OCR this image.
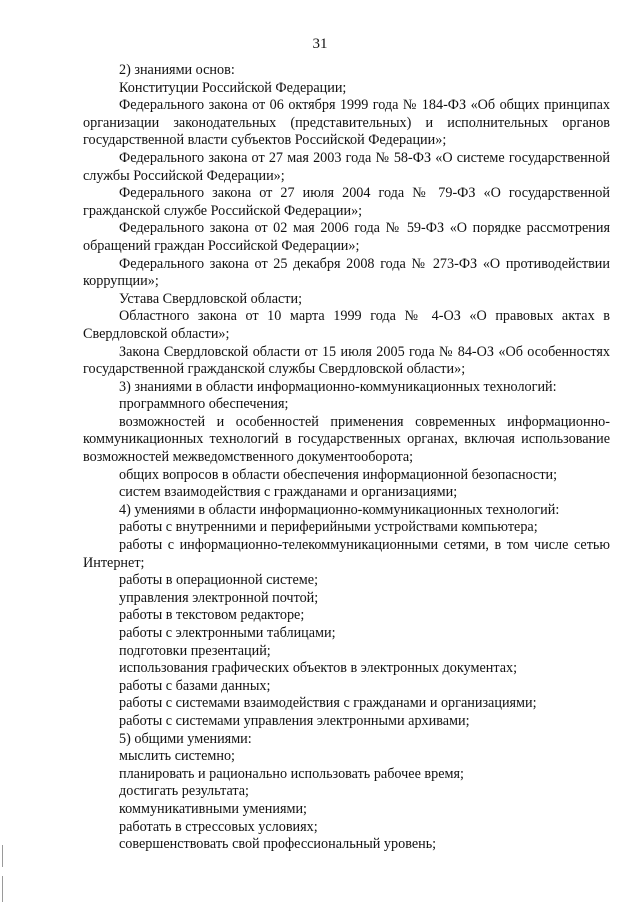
31

2) знаниями основ:

Конституции Российской Федерации;

Федерального закона от 06 октября 1999 года № 184-ФЗ «Об общих принципах организации законодательных (представительных) и исполнительных органов государственной власти субъектов Российской Федерации»;

Федерального закона от 27 мая 2003 года № 58-ФЗ «О системе государственной службы Российской Федерации»;

Федерального закона от 27 июля 2004 года № 79-ФЗ «О государственной гражданской службе Российской Федерации»;

Федерального закона от 02 мая 2006 года № 59-ФЗ «О порядке рассмотрения обращений граждан Российской Федерации»;

Федерального закона от 25 декабря 2008 года № 273-ФЗ «О противодействии коррупции»;

Устава Свердловской области;

Областного закона от 10 марта 1999 года № 4-ОЗ «О правовых актах в Свердловской области»;

Закона Свердловской области от 15 июля 2005 года № 84-ОЗ «Об особенностях государственной гражданской службы Свердловской области»;

3) знаниями в области информационно-коммуникационных технологий:

программного обеспечения;

возможностей и особенностей применения современных информационно-коммуникационных технологий в государственных органах, включая использование возможностей межведомственного документооборота;

общих вопросов в области обеспечения информационной безопасности;

систем взаимодействия с гражданами и организациями;

4) умениями в области информационно-коммуникационных технологий:

работы с внутренними и периферийными устройствами компьютера;

работы с информационно-телекоммуникационными сетями, в том числе сетью Интернет;

работы в операционной системе;

управления электронной почтой;

работы в текстовом редакторе;

работы с электронными таблицами;

подготовки презентаций;

использования графических объектов в электронных документах;

работы с базами данных;

работы с системами взаимодействия с гражданами и организациями;

работы с системами управления электронными архивами;

5) общими умениями:

мыслить системно;

планировать и рационально использовать рабочее время;

достигать результата;

коммуникативными умениями;

работать в стрессовых условиях;

совершенствовать свой профессиональный уровень;
